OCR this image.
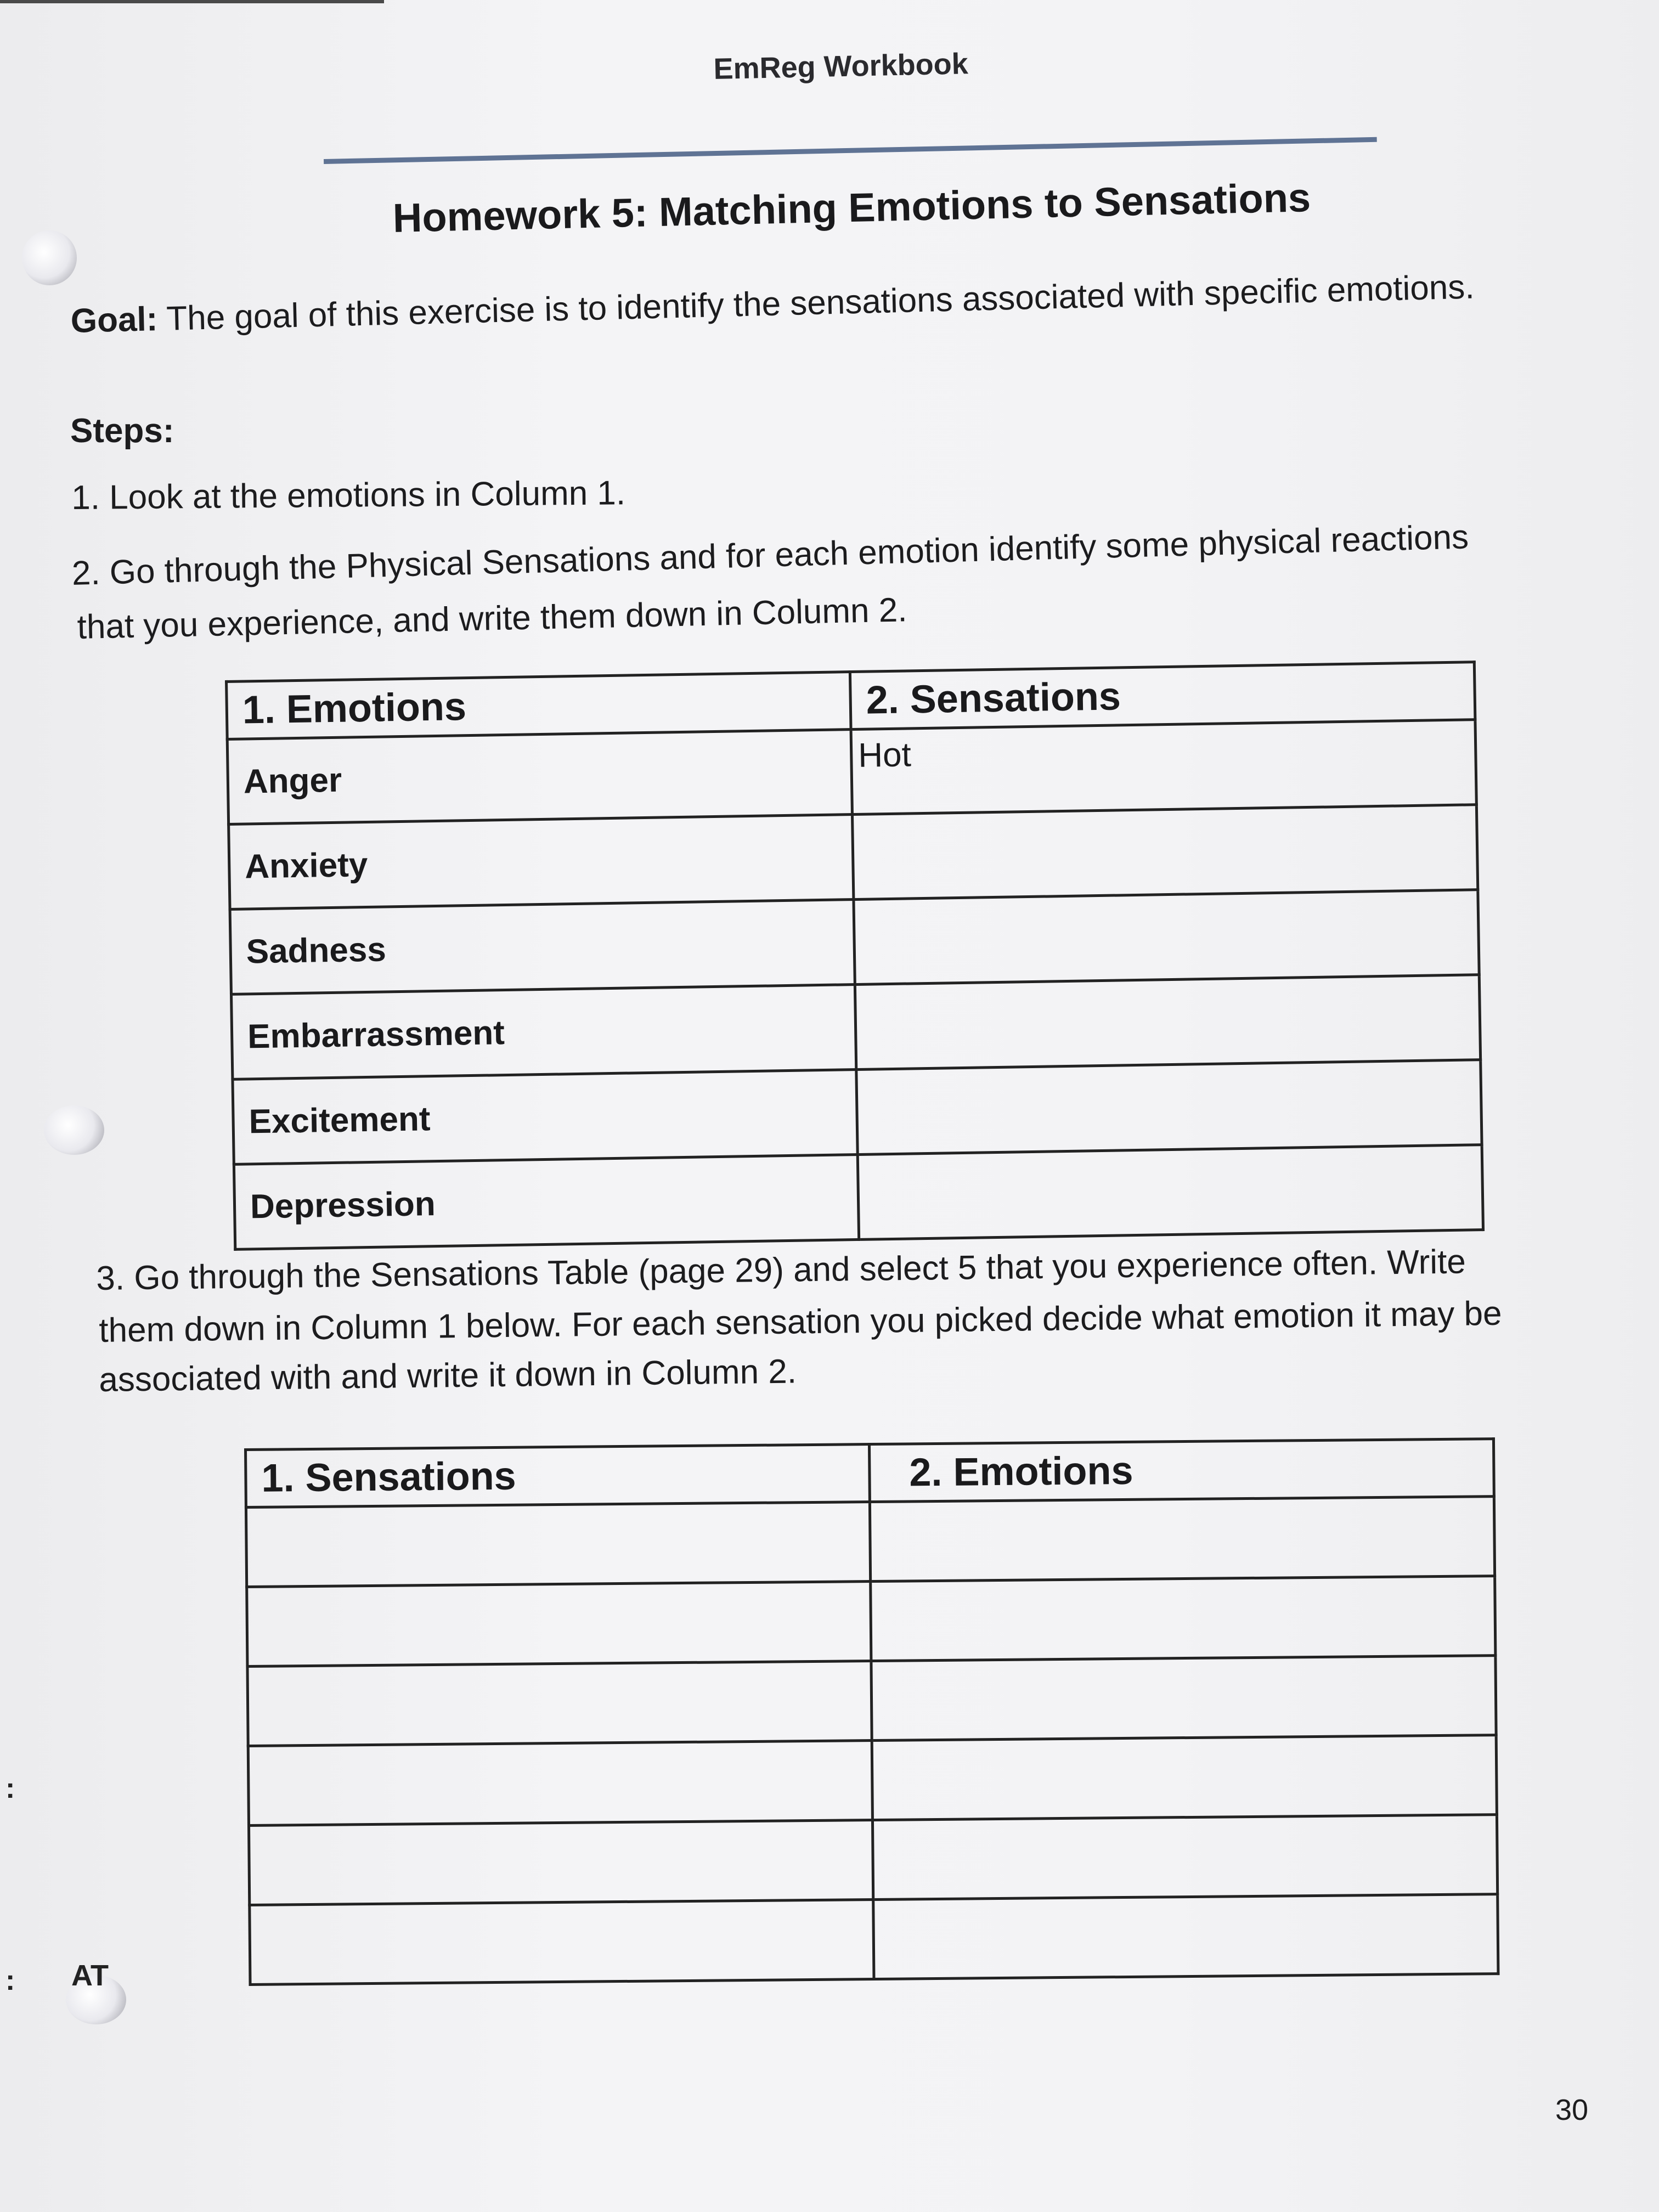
EmReg Workbook
Homework 5: Matching Emotions to Sensations
Goal: The goal of this exercise is to identify the sensations associated with specific emotions.
Steps:
1. Look at the emotions in Column 1.
2. Go through the Physical Sensations and for each emotion identify some physical reactions
that you experience, and write them down in Column 2.
1. Emotions	2. Sensations
Anger	Hot
Anxiety	
Sadness	
Embarrassment	
Excitement	
Depression	
3. Go through the Sensations Table (page 29) and select 5 that you experience often. Write
them down in Column 1 below. For each sensation you picked decide what emotion it may be
associated with and write it down in Column 2.
1. Sensations	2. Emotions

:
: AT
30
